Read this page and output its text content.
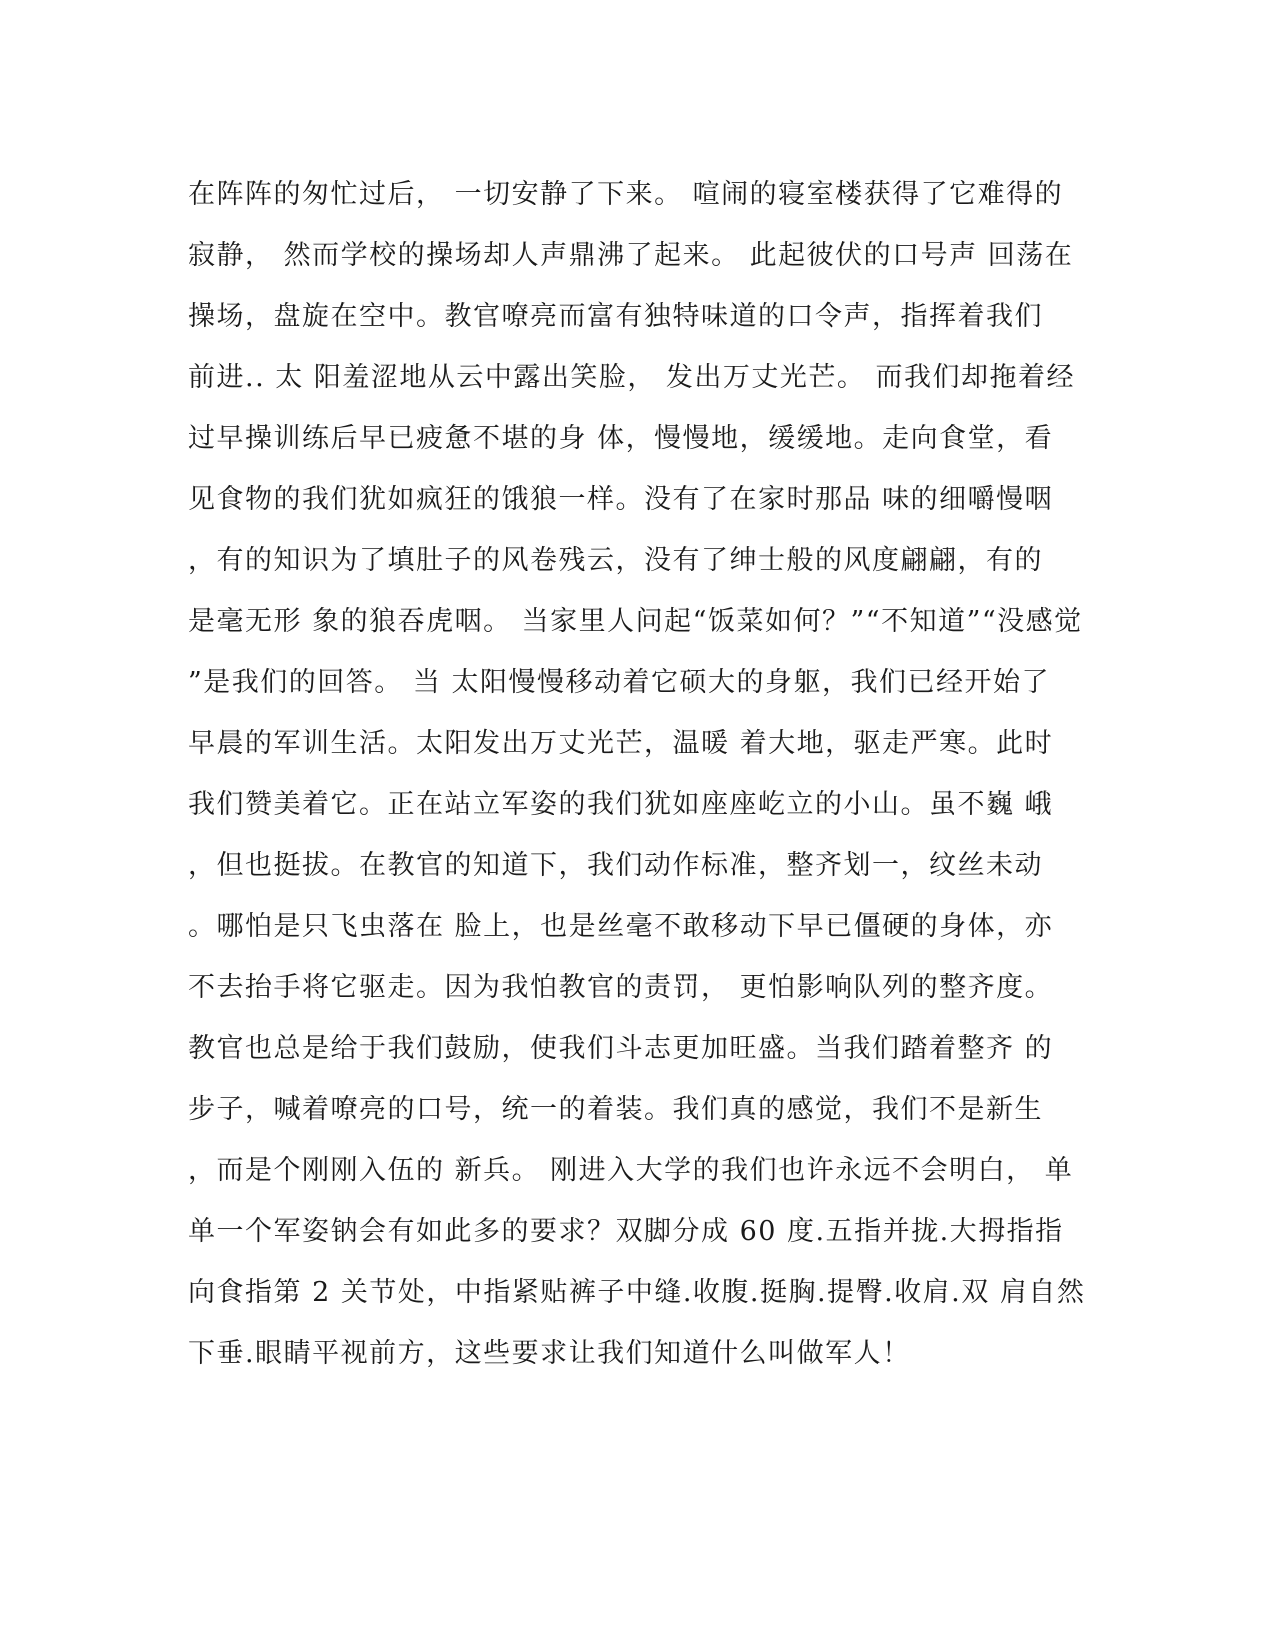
在阵阵的匆忙过后， 一切安静了下来。 喧闹的寝室楼获得了它难得的
寂静， 然而学校的操场却人声鼎沸了起来。 此起彼伏的口号声 回荡在
操场，盘旋在空中。教官嘹亮而富有独特味道的口令声，指挥着我们
前进.. 太 阳羞涩地从云中露出笑脸， 发出万丈光芒。 而我们却拖着经
过早操训练后早已疲惫不堪的身 体，慢慢地，缓缓地。走向食堂，看
见食物的我们犹如疯狂的饿狼一样。没有了在家时那品 味的细嚼慢咽
，有的知识为了填肚子的风卷残云，没有了绅士般的风度翩翩，有的
是毫无形 象的狼吞虎咽。 当家里人问起“饭菜如何？”“不知道”“没感觉
”是我们的回答。 当 太阳慢慢移动着它硕大的身躯，我们已经开始了
早晨的军训生活。太阳发出万丈光芒，温暖 着大地，驱走严寒。此时
我们赞美着它。正在站立军姿的我们犹如座座屹立的小山。虽不巍 峨
，但也挺拔。在教官的知道下，我们动作标准，整齐划一，纹丝未动
。哪怕是只飞虫落在 脸上，也是丝毫不敢移动下早已僵硬的身体，亦
不去抬手将它驱走。因为我怕教官的责罚， 更怕影响队列的整齐度。
教官也总是给于我们鼓励，使我们斗志更加旺盛。当我们踏着整齐 的
步子，喊着嘹亮的口号，统一的着装。我们真的感觉，我们不是新生
，而是个刚刚入伍的 新兵。 刚进入大学的我们也许永远不会明白， 单
单一个军姿钠会有如此多的要求？双脚分成 60 度.五指并拢.大拇指指
向食指第 2 关节处，中指紧贴裤子中缝.收腹.挺胸.提臀.收肩.双 肩自然
下垂.眼睛平视前方，这些要求让我们知道什么叫做军人！
